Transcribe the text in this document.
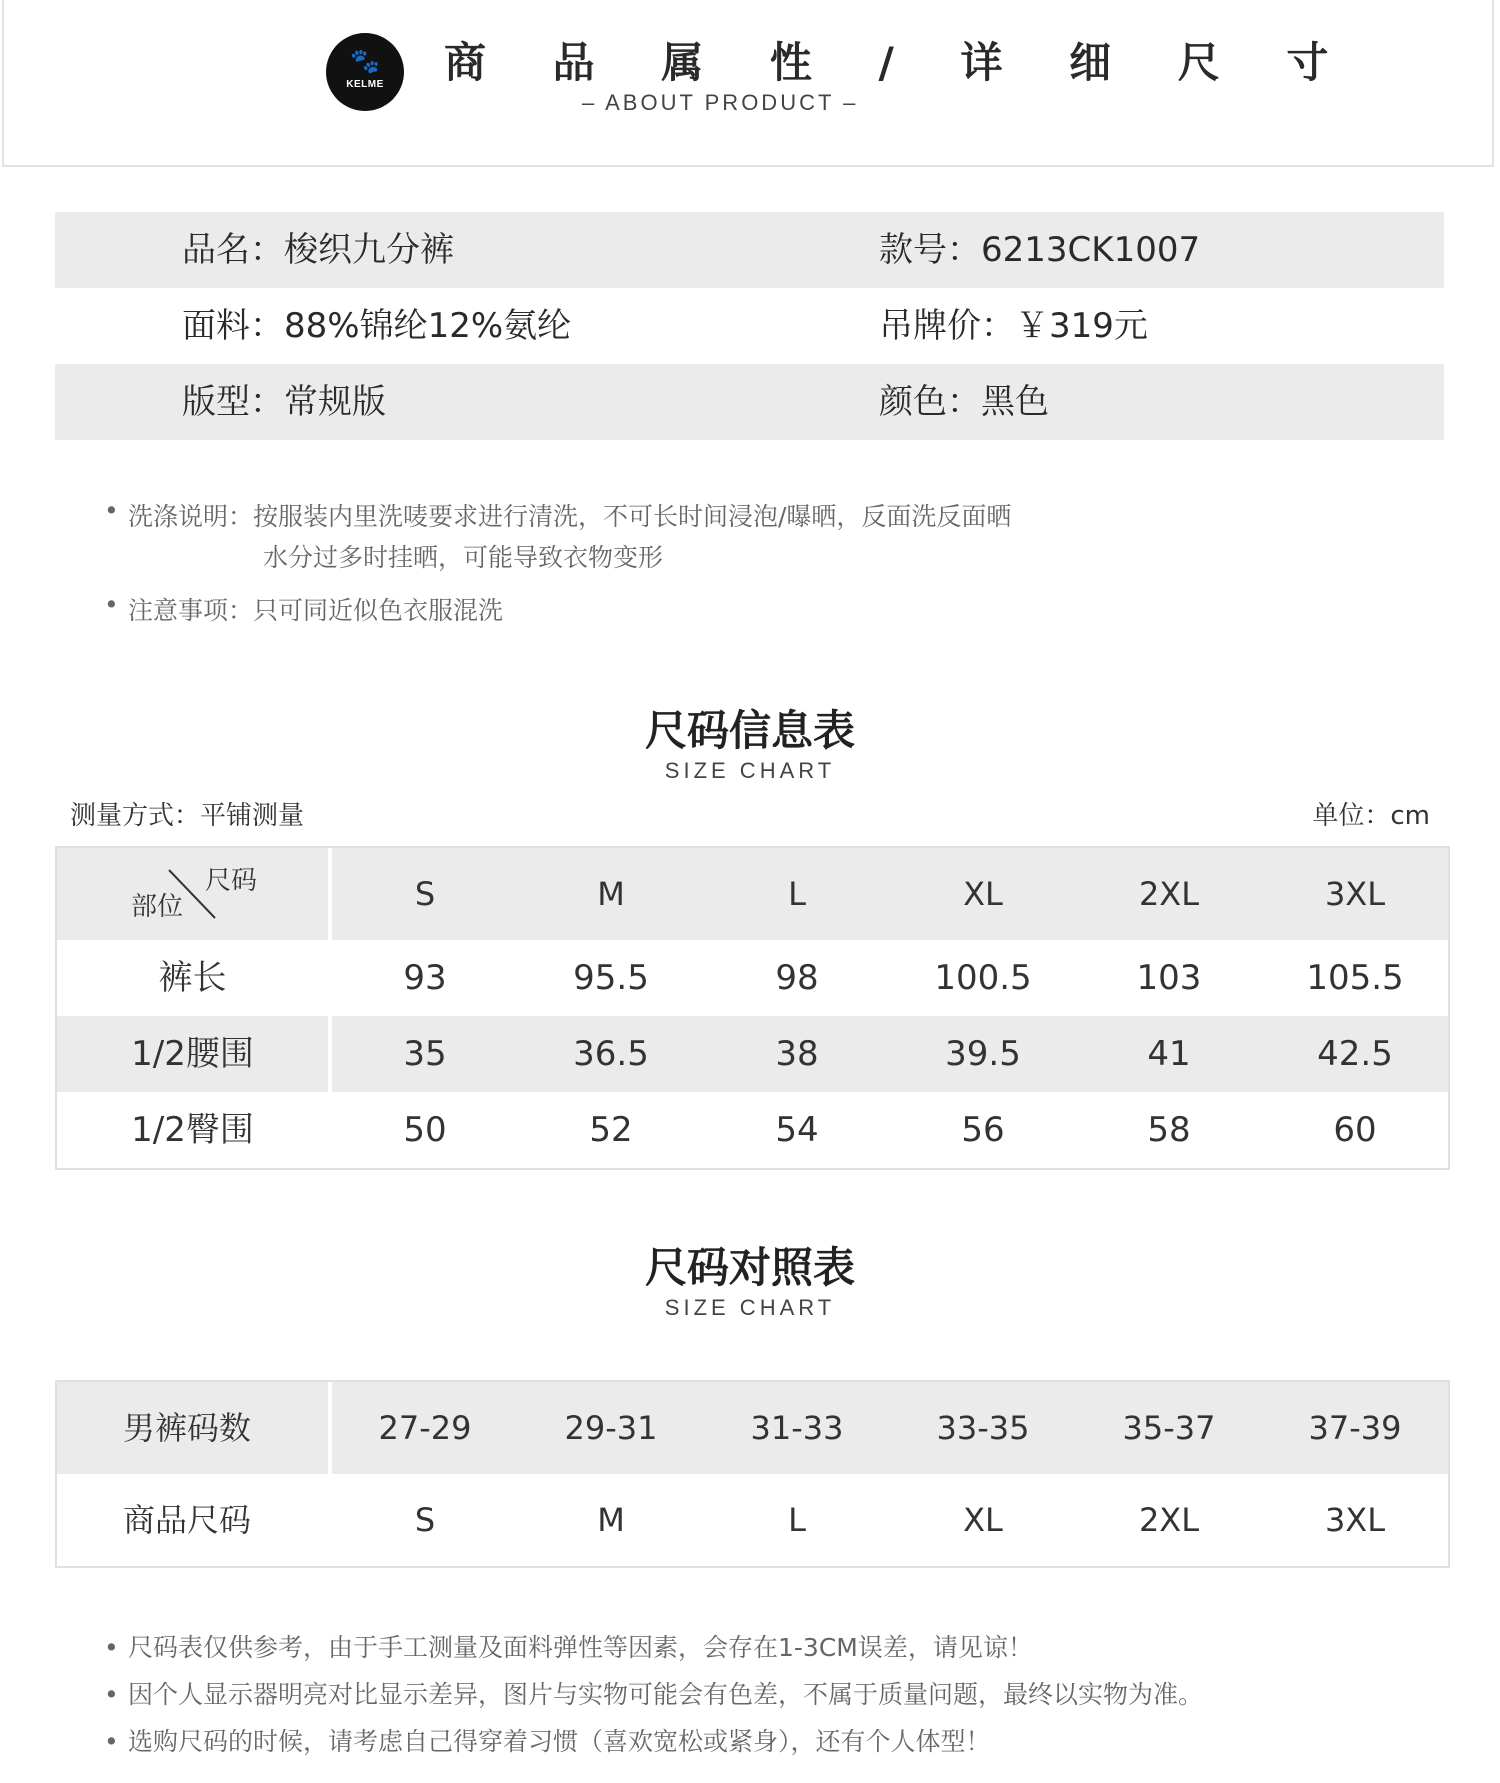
🐾
KELME	商 品 属 性 / 详 细 尺 寸
– ABOUT PRODUCT –
品名：梭织九分裤	款号：6213CK1007
面料：88%锦纶12%氨纶	吊牌价：￥319元
版型：常规版	颜色：黑色
• 洗涤说明：按服装内里洗唛要求进行清洗，不可长时间浸泡/曝晒，反面洗反面晒
水分过多时挂晒，可能导致衣物变形
• 注意事项：只可同近似色衣服混洗
尺码信息表
SIZE CHART
测量方式：平铺测量	单位：cm
尺码
部位	S	M	L	XL	2XL	3XL
裤长	93	95.5	98	100.5	103	105.5
1/2腰围	35	36.5	38	39.5	41	42.5
1/2臀围	50	52	54	56	58	60
尺码对照表
SIZE CHART
男裤码数	27-29	29-31	31-33	33-35	35-37	37-39
商品尺码	S	M	L	XL	2XL	3XL
• 尺码表仅供参考，由于手工测量及面料弹性等因素，会存在1-3CM误差，请见谅！
• 因个人显示器明亮对比显示差异，图片与实物可能会有色差，不属于质量问题，最终以实物为准。
• 选购尺码的时候，请考虑自己得穿着习惯（喜欢宽松或紧身），还有个人体型！
